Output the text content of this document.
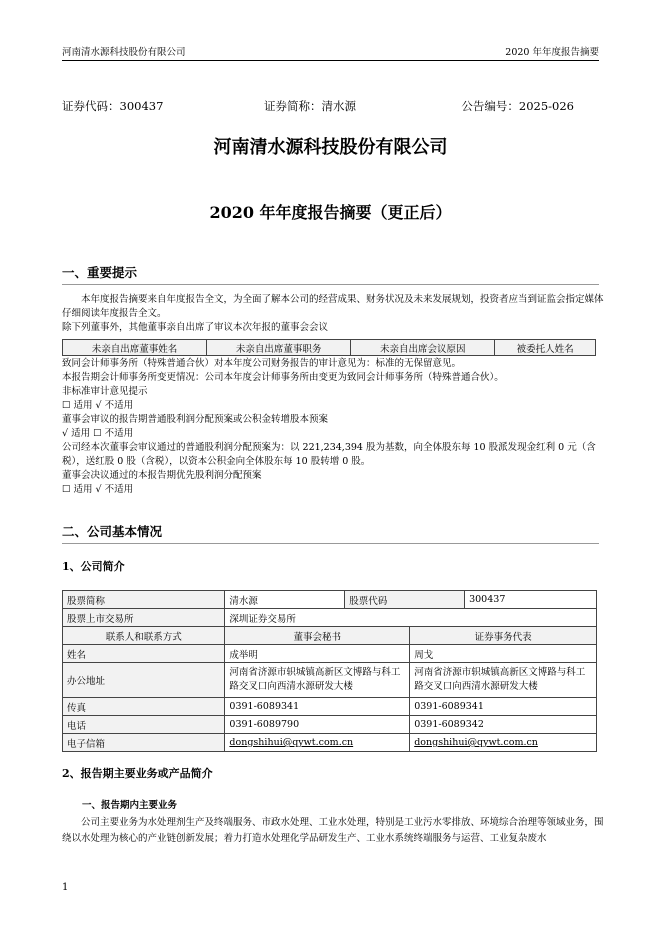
河南清水源科技股份有限公司	2020 年年度报告摘要
证券代码：300437	证券简称：清水源	公告编号：2025-026
河南清水源科技股份有限公司
2020 年年度报告摘要（更正后）
一、重要提示

本年度报告摘要来自年度报告全文，为全面了解本公司的经营成果、财务状况及未来发展规划，投资者应当到证监会指定媒体仔细阅读年度报告全文。

除下列董事外，其他董事亲自出席了审议本次年报的董事会会议

未亲自出席董事姓名	未亲自出席董事职务	未亲自出席会议原因	被委托人姓名

致同会计师事务所（特殊普通合伙）对本年度公司财务报告的审计意见为：标准的无保留意见。

本报告期会计师事务所变更情况：公司本年度会计师事务所由变更为致同会计师事务所（特殊普通合伙）。

非标准审计意见提示

☐ 适用 √ 不适用

董事会审议的报告期普通股利润分配预案或公积金转增股本预案

√ 适用 ☐ 不适用

公司经本次董事会审议通过的普通股利润分配预案为：以 221,234,394 股为基数，向全体股东每 10 股派发现金红利 0 元（含税），送红股 0 股（含税），以资本公积金向全体股东每 10 股转增 0 股。

董事会决议通过的本报告期优先股利润分配预案

☐ 适用 √ 不适用

二、公司基本情况
1、公司简介
股票简称	清水源	股票代码		300437
股票上市交易所	深圳证券交易所			
联系人和联系方式	董事会秘书		证券事务代表	
姓名	成举明		周戈	
办公地址	河南省济源市轵城镇高新区文博路与科工路交叉口向西清水源研发大楼		河南省济源市轵城镇高新区文博路与科工路交叉口向西清水源研发大楼	
传真	0391-6089341		0391-6089341	
电话	0391-6089790		0391-6089342	
电子信箱	dongshihui@qywt.com.cn		dongshihui@qywt.com.cn	
2、报告期主要业务或产品简介
一、报告期内主要业务

公司主要业务为水处理剂生产及终端服务、市政水处理、工业水处理，特别是工业污水零排放、环境综合治理等领域业务，围绕以水处理为核心的产业链创新发展；着力打造水处理化学品研发生产、工业水系统终端服务与运营、工业复杂废水

1
